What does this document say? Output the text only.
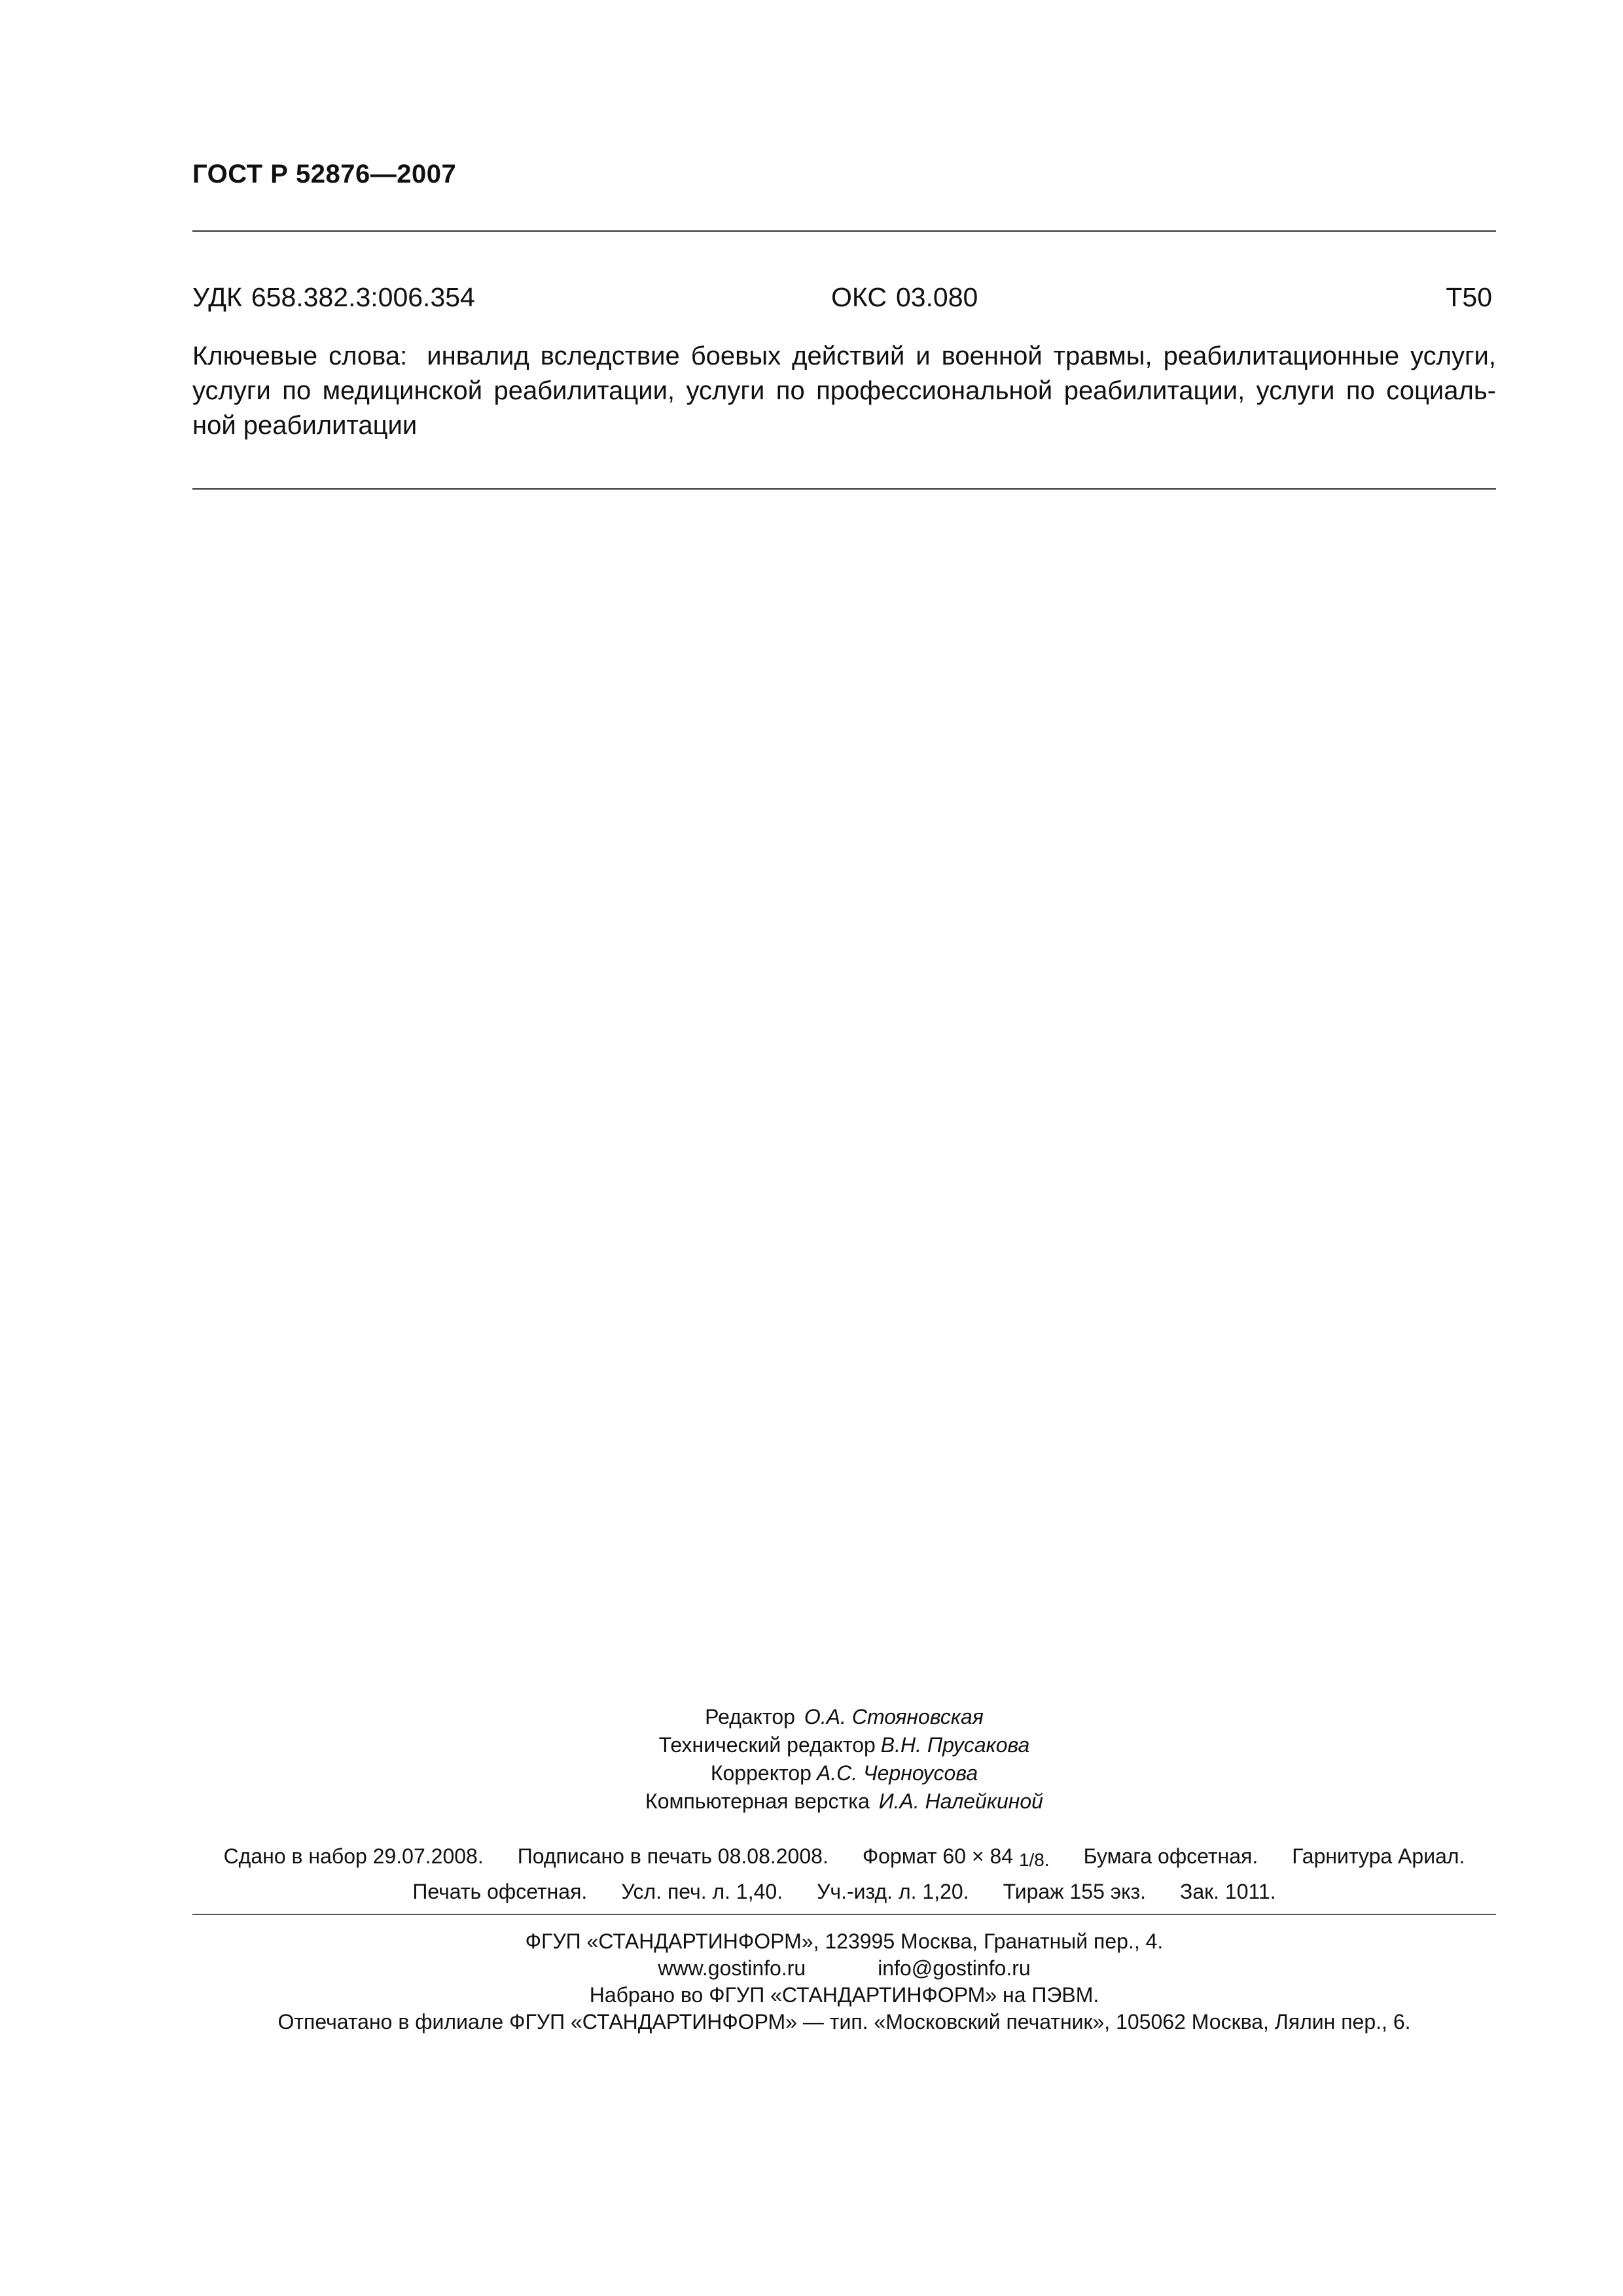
ГОСТ Р 52876—2007
УДК 658.382.3:006.354	ОКС 03.080	Т50
Ключевые слова: инвалид вследствие боевых действий и военной травмы, реабилитационные услуги, услуги по медицинской реабилитации, услуги по профессиональной реабилитации, услуги по социаль-ной реабилитации
Редактор О.А. Стояновская
Технический редактор В.Н. Прусакова
Корректор А.С. Черноусова
Компьютерная верстка И.А. Налейкиной
Сдано в набор 29.07.2008. Подписано в печать 08.08.2008. Формат 60 × 84 1/8. Бумага офсетная. Гарнитура Ариал.
Печать офсетная. Усл. печ. л. 1,40. Уч.-изд. л. 1,20. Тираж 155 экз. Зак. 1011.
ФГУП «СТАНДАРТИНФОРМ», 123995 Москва, Гранатный пер., 4.
www.gostinfo.ru	info@gostinfo.ru
Набрано во ФГУП «СТАНДАРТИНФОРМ» на ПЭВМ.
Отпечатано в филиале ФГУП «СТАНДАРТИНФОРМ» — тип. «Московский печатник», 105062 Москва, Лялин пер., 6.
